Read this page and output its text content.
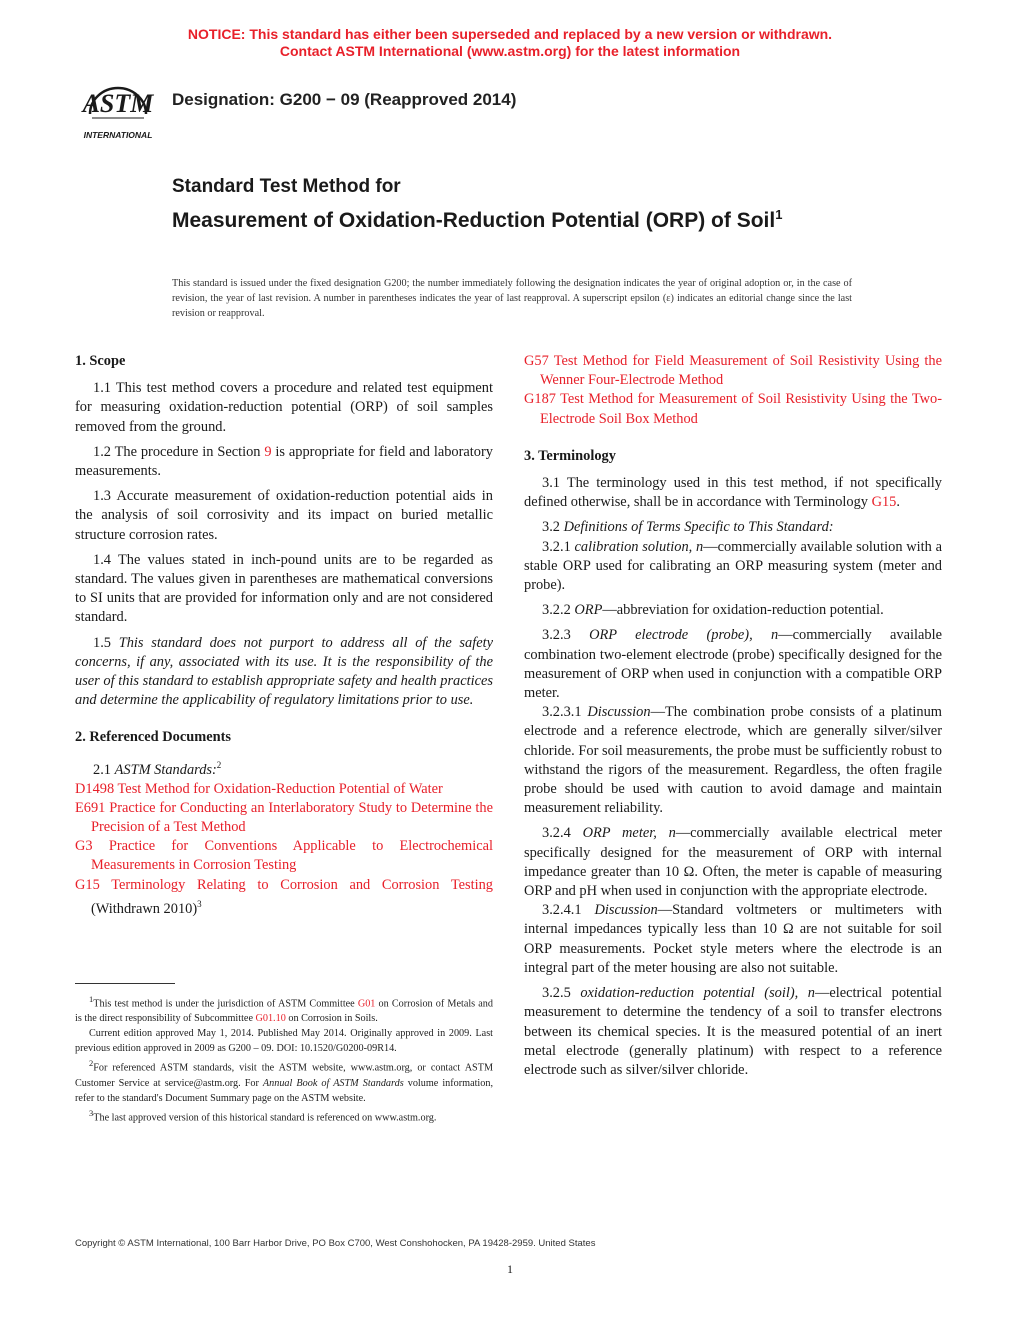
NOTICE: This standard has either been superseded and replaced by a new version or withdrawn.
Contact ASTM International (www.astm.org) for the latest information
ASTM
INTERNATIONAL
Designation: G200 − 09 (Reapproved 2014)
Standard Test Method for
Measurement of Oxidation-Reduction Potential (ORP) of Soil$^1$
This standard is issued under the fixed designation G200; the number immediately following the designation indicates the year of original adoption or, in the case of revision, the year of last revision. A number in parentheses indicates the year of last reapproval. A superscript epsilon (ε) indicates an editorial change since the last revision or reapproval.
1. Scope
1.1 This test method covers a procedure and related test equipment for measuring oxidation-reduction potential (ORP) of soil samples removed from the ground.
1.2 The procedure in Section 9 is appropriate for field and laboratory measurements.
1.3 Accurate measurement of oxidation-reduction potential aids in the analysis of soil corrosivity and its impact on buried metallic structure corrosion rates.
1.4 The values stated in inch-pound units are to be regarded as standard. The values given in parentheses are mathematical conversions to SI units that are provided for information only and are not considered standard.
1.5 This standard does not purport to address all of the safety concerns, if any, associated with its use. It is the responsibility of the user of this standard to establish appropriate safety and health practices and determine the applicability of regulatory limitations prior to use.
2. Referenced Documents
2.1 ASTM Standards:$^2$
D1498 Test Method for Oxidation-Reduction Potential of Water
E691 Practice for Conducting an Interlaboratory Study to Determine the Precision of a Test Method
G3 Practice for Conventions Applicable to Electrochemical Measurements in Corrosion Testing
G15 Terminology Relating to Corrosion and Corrosion Testing (Withdrawn 2010)$^3$

$^1$This test method is under the jurisdiction of ASTM Committee G01 on Corrosion of Metals and is the direct responsibility of Subcommittee G01.10 on Corrosion in Soils.

Current edition approved May 1, 2014. Published May 2014. Originally approved in 2009. Last previous edition approved in 2009 as G200 – 09. DOI: 10.1520/G0200-09R14.

$^2$For referenced ASTM standards, visit the ASTM website, www.astm.org, or contact ASTM Customer Service at service@astm.org. For Annual Book of ASTM Standards volume information, refer to the standard's Document Summary page on the ASTM website.

$^3$The last approved version of this historical standard is referenced on www.astm.org.

G57 Test Method for Field Measurement of Soil Resistivity Using the Wenner Four-Electrode Method
G187 Test Method for Measurement of Soil Resistivity Using the Two-Electrode Soil Box Method
3. Terminology
3.1 The terminology used in this test method, if not specifically defined otherwise, shall be in accordance with Terminology G15.
3.2 Definitions of Terms Specific to This Standard:
3.2.1 calibration solution, n—commercially available solution with a stable ORP used for calibrating an ORP measuring system (meter and probe).
3.2.2 ORP—abbreviation for oxidation-reduction potential.
3.2.3 ORP electrode (probe), n—commercially available combination two-element electrode (probe) specifically designed for the measurement of ORP when used in conjunction with a compatible ORP meter.
3.2.3.1 Discussion—The combination probe consists of a platinum electrode and a reference electrode, which are generally silver/silver chloride. For soil measurements, the probe must be sufficiently robust to withstand the rigors of the measurement. Regardless, the often fragile probe should be used with caution to avoid damage and maintain measurement reliability.
3.2.4 ORP meter, n—commercially available electrical meter specifically designed for the measurement of ORP with internal impedance greater than 10 Ω. Often, the meter is capable of measuring ORP and pH when used in conjunction with the appropriate electrode.
3.2.4.1 Discussion—Standard voltmeters or multimeters with internal impedances typically less than 10 Ω are not suitable for soil ORP measurements. Pocket style meters where the electrode is an integral part of the meter housing are also not suitable.
3.2.5 oxidation-reduction potential (soil), n—electrical potential measurement to determine the tendency of a soil to transfer electrons between its chemical species. It is the measured potential of an inert metal electrode (generally platinum) with respect to a reference electrode such as silver/silver chloride.
Copyright © ASTM International, 100 Barr Harbor Drive, PO Box C700, West Conshohocken, PA 19428-2959. United States
1
